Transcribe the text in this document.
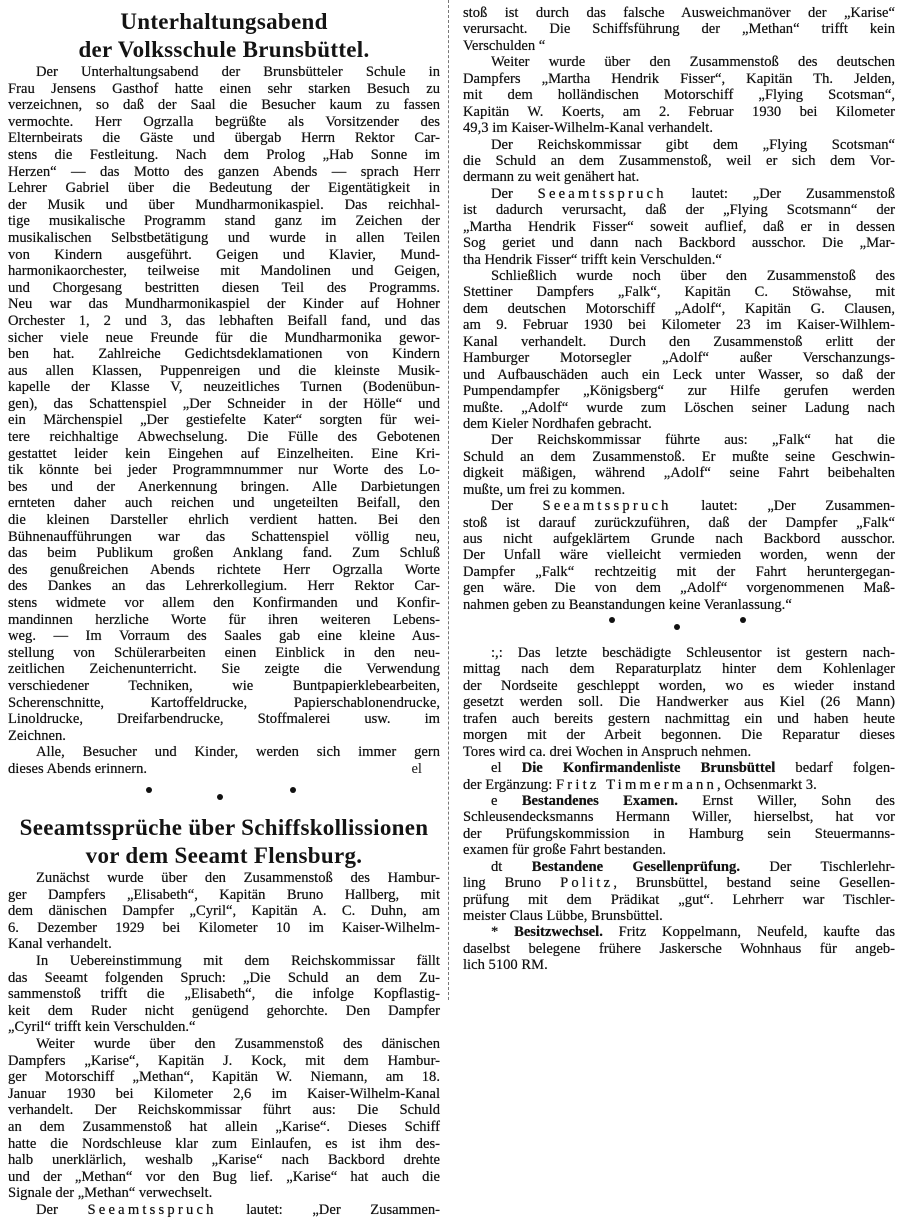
Unterhaltungsabend
der Volksschule Brunsbüttel.
Der Unterhaltungsabend der Brunsbütteler Schule in
Frau Jensens Gasthof hatte einen sehr starken Besuch zu
verzeichnen, so daß der Saal die Besucher kaum zu fassen
vermochte. Herr Ogrzalla begrüßte als Vorsitzender des
Elternbeirats die Gäste und übergab Herrn Rektor Car-
stens die Festleitung. Nach dem Prolog „Hab Sonne im
Herzen“ — das Motto des ganzen Abends — sprach Herr
Lehrer Gabriel über die Bedeutung der Eigentätigkeit in
der Musik und über Mundharmonikaspiel. Das reichhal-
tige musikalische Programm stand ganz im Zeichen der
musikalischen Selbstbetätigung und wurde in allen Teilen
von Kindern ausgeführt. Geigen und Klavier, Mund-
harmonikaorchester, teilweise mit Mandolinen und Geigen,
und Chorgesang bestritten diesen Teil des Programms.
Neu war das Mundharmonikaspiel der Kinder auf Hohner
Orchester 1, 2 und 3, das lebhaften Beifall fand, und das
sicher viele neue Freunde für die Mundharmonika gewor-
ben hat. Zahlreiche Gedichtsdeklamationen von Kindern
aus allen Klassen, Puppenreigen und die kleinste Musik-
kapelle der Klasse V, neuzeitliches Turnen (Bodenübun-
gen), das Schattenspiel „Der Schneider in der Hölle“ und
ein Märchenspiel „Der gestiefelte Kater“ sorgten für wei-
tere reichhaltige Abwechselung. Die Fülle des Gebotenen
gestattet leider kein Eingehen auf Einzelheiten. Eine Kri-
tik könnte bei jeder Programmnummer nur Worte des Lo-
bes und der Anerkennung bringen. Alle Darbietungen
ernteten daher auch reichen und ungeteilten Beifall, den
die kleinen Darsteller ehrlich verdient hatten. Bei den
Bühnenaufführungen war das Schattenspiel völlig neu,
das beim Publikum großen Anklang fand. Zum Schluß
des genußreichen Abends richtete Herr Ogrzalla Worte
des Dankes an das Lehrerkollegium. Herr Rektor Car-
stens widmete vor allem den Konfirmanden und Konfir-
mandinnen herzliche Worte für ihren weiteren Lebens-
weg. — Im Vorraum des Saales gab eine kleine Aus-
stellung von Schülerarbeiten einen Einblick in den neu-
zeitlichen Zeichenunterricht. Sie zeigte die Verwendung
verschiedener Techniken, wie Buntpapierklebearbeiten,
Scherenschnitte, Kartoffeldrucke, Papierschablonendrucke,
Linoldrucke, Dreifarbendrucke, Stoffmalerei usw. im
Zeichnen.
Alle, Besucher und Kinder, werden sich immer gern
dieses Abends erinnern.	el
Seeamtssprüche über Schiffskollissionen
vor dem Seeamt Flensburg.
Zunächst wurde über den Zusammenstoß des Hambur-
ger Dampfers „Elisabeth“, Kapitän Bruno Hallberg, mit
dem dänischen Dampfer „Cyril“, Kapitän A. C. Duhn, am
6. Dezember 1929 bei Kilometer 10 im Kaiser-Wilhelm-
Kanal verhandelt.
In Uebereinstimmung mit dem Reichskommissar fällt
das Seeamt folgenden Spruch: „Die Schuld an dem Zu-
sammenstoß trifft die „Elisabeth“, die infolge Kopflastig-
keit dem Ruder nicht genügend gehorchte. Den Dampfer
„Cyril“ trifft kein Verschulden.“
Weiter wurde über den Zusammenstoß des dänischen
Dampfers „Karise“, Kapitän J. Kock, mit dem Hambur-
ger Motorschiff „Methan“, Kapitän W. Niemann, am 18.
Januar 1930 bei Kilometer 2,6 im Kaiser-Wilhelm-Kanal
verhandelt. Der Reichskommissar führt aus: Die Schuld
an dem Zusammenstoß hat allein „Karise“. Dieses Schiff
hatte die Nordschleuse klar zum Einlaufen, es ist ihm des-
halb unerklärlich, weshalb „Karise“ nach Backbord drehte
und der „Methan“ vor den Bug lief. „Karise“ hat auch die
Signale der „Methan“ verwechselt.
Der Seeamtsspruch lautet: „Der Zusammen-
stoß ist durch das falsche Ausweichmanöver der „Karise“
verursacht. Die Schiffsführung der „Methan“ trifft kein
Verschulden “
Weiter wurde über den Zusammenstoß des deutschen
Dampfers „Martha Hendrik Fisser“, Kapitän Th. Jelden,
mit dem holländischen Motorschiff „Flying Scotsman“,
Kapitän W. Koerts, am 2. Februar 1930 bei Kilometer
49,3 im Kaiser-Wilhelm-Kanal verhandelt.
Der Reichskommissar gibt dem „Flying Scotsman“
die Schuld an dem Zusammenstoß, weil er sich dem Vor-
dermann zu weit genähert hat.
Der Seeamtsspruch lautet: „Der Zusammenstoß
ist dadurch verursacht, daß der „Flying Scotsmann“ der
„Martha Hendrik Fisser“ soweit auflief, daß er in dessen
Sog geriet und dann nach Backbord ausschor. Die „Mar-
tha Hendrik Fisser“ trifft kein Verschulden.“
Schließlich wurde noch über den Zusammenstoß des
Stettiner Dampfers „Falk“, Kapitän C. Stöwahse, mit
dem deutschen Motorschiff „Adolf“, Kapitän G. Clausen,
am 9. Februar 1930 bei Kilometer 23 im Kaiser-Wilhlem-
Kanal verhandelt. Durch den Zusammenstoß erlitt der
Hamburger Motorsegler „Adolf“ außer Verschanzungs-
und Aufbauschäden auch ein Leck unter Wasser, so daß der
Pumpendampfer „Königsberg“ zur Hilfe gerufen werden
mußte. „Adolf“ wurde zum Löschen seiner Ladung nach
dem Kieler Nordhafen gebracht.
Der Reichskommissar führte aus: „Falk“ hat die
Schuld an dem Zusammenstoß. Er mußte seine Geschwin-
digkeit mäßigen, während „Adolf“ seine Fahrt beibehalten
mußte, um frei zu kommen.
Der Seeamtsspruch lautet: „Der Zusammen-
stoß ist darauf zurückzuführen, daß der Dampfer „Falk“
aus nicht aufgeklärtem Grunde nach Backbord ausschor.
Der Unfall wäre vielleicht vermieden worden, wenn der
Dampfer „Falk“ rechtzeitig mit der Fahrt heruntergegan-
gen wäre. Die von dem „Adolf“ vorgenommenen Maß-
nahmen geben zu Beanstandungen keine Veranlassung.“
:,: Das letzte beschädigte Schleusentor ist gestern nach-
mittag nach dem Reparaturplatz hinter dem Kohlenlager
der Nordseite geschleppt worden, wo es wieder instand
gesetzt werden soll. Die Handwerker aus Kiel (26 Mann)
trafen auch bereits gestern nachmittag ein und haben heute
morgen mit der Arbeit begonnen. Die Reparatur dieses
Tores wird ca. drei Wochen in Anspruch nehmen.
el Die Konfirmandenliste Brunsbüttel bedarf folgen-
der Ergänzung: Fritz Timmermann, Ochsenmarkt 3.
e Bestandenes Examen. Ernst Willer, Sohn des
Schleusendecksmanns Hermann Willer, hierselbst, hat vor
der Prüfungskommission in Hamburg sein Steuermanns-
examen für große Fahrt bestanden.
dt Bestandene Gesellenprüfung. Der Tischlerlehr-
ling Bruno Politz, Brunsbüttel, bestand seine Gesellen-
prüfung mit dem Prädikat „gut“. Lehrherr war Tischler-
meister Claus Lübbe, Brunsbüttel.
* Besitzwechsel. Fritz Koppelmann, Neufeld, kaufte das
daselbst belegene frühere Jaskersche Wohnhaus für angeb-
lich 5100 RM.
